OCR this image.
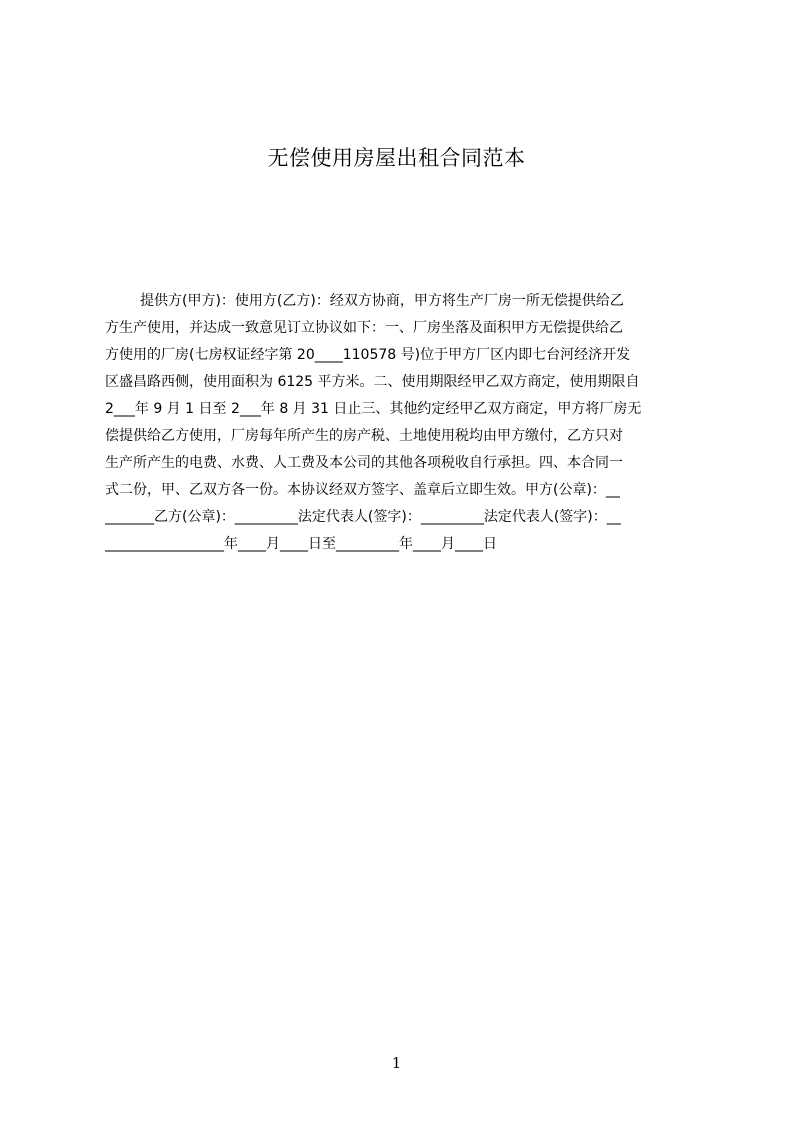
无偿使用房屋出租合同范本
提供方(甲方)：使用方(乙方)：经双方协商，甲方将生产厂房一所无偿提供给乙
方生产使用，并达成一致意见订立协议如下：一、厂房坐落及面积甲方无偿提供给乙
方使用的厂房(七房权证经字第 20____110578 号)位于甲方厂区内即七台河经济开发
区盛昌路西侧，使用面积为 6125 平方米。二、使用期限经甲乙双方商定，使用期限自
2___年 9 月 1 日至 2___年 8 月 31 日止三、其他约定经甲乙双方商定，甲方将厂房无
偿提供给乙方使用，厂房每年所产生的房产税、土地使用税均由甲方缴付，乙方只对
生产所产生的电费、水费、人工费及本公司的其他各项税收自行承担。四、本合同一
式二份，甲、乙双方各一份。本协议经双方签字、盖章后立即生效。甲方(公章)：__
_______乙方(公章)：_________法定代表人(签字)：_________法定代表人(签字)：__
_________________年____月____日至_________年____月____日
1
